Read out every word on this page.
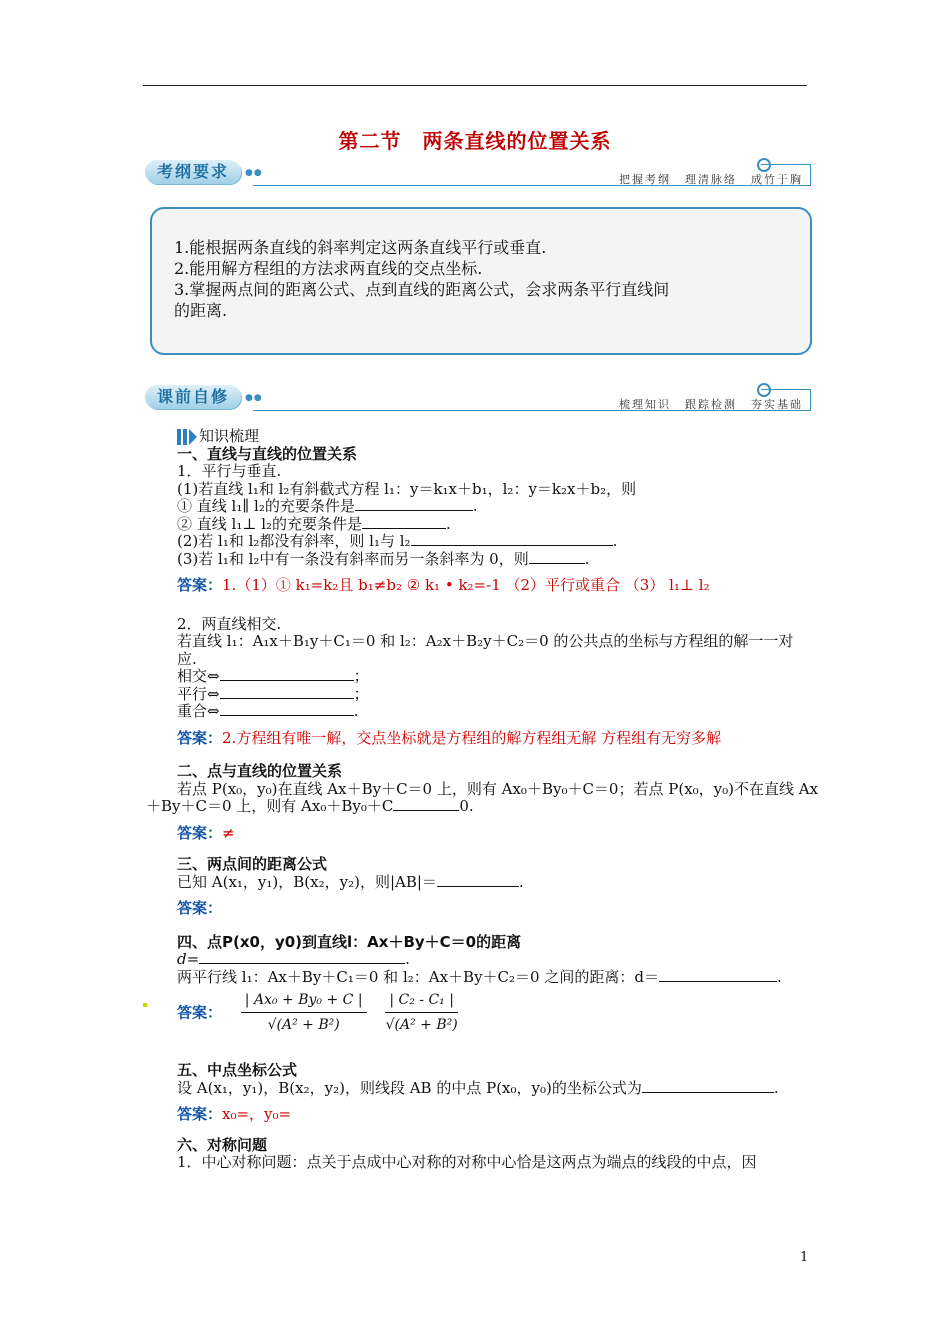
第二节　两条直线的位置关系
考纲要求	●●	把握考纲 理清脉络 成竹于胸
1.能根据两条直线的斜率判定这两条直线平行或垂直.
2.能用解方程组的方法求两直线的交点坐标.
3.掌握两点间的距离公式、点到直线的距离公式，会求两条平行直线间
的距离.
课前自修	●●	梳理知识 跟踪检测 夯实基础
知识梳理
一、直线与直线的位置关系
1．平行与垂直.
(1)若直线 l₁和 l₂有斜截式方程 l₁：y＝k₁x＋b₁，l₂：y＝k₂x＋b₂，则
① 直线 l₁∥ l₂的充要条件是	.
② 直线 l₁⊥ l₂的充要条件是	.
(2)若 l₁和 l₂都没有斜率，则 l₁与 l₂	.
(3)若 l₁和 l₂中有一条没有斜率而另一条斜率为 0，则	.
答案：1.（1）① k₁=k₂且 b₁≠b₂ ② k₁ • k₂=-1 （2）平行或重合 （3） l₁⊥ l₂
2．两直线相交.
若直线 l₁：A₁x＋B₁y＋C₁＝0 和 l₂：A₂x＋B₂y＋C₂＝0 的公共点的坐标与方程组的解一一对
应.
相交⇔	；
平行⇔	；
重合⇔	.
答案：2.方程组有唯一解，交点坐标就是方程组的解方程组无解 方程组有无穷多解
二、点与直线的位置关系
若点 P(x₀，y₀)在直线 Ax＋By＋C＝0 上，则有 Ax₀＋By₀＋C＝0；若点 P(x₀，y₀)不在直线 Ax
＋By＋C＝0 上，则有 Ax₀＋By₀＋C	0.
答案：≠
三、两点间的距离公式
已知 A(x₁，y₁)，B(x₂，y₂)，则|AB|＝	.
答案：
四、点P(x0，y0)到直线l：Ax＋By＋C＝0的距离
d=	.
两平行线 l₁：Ax＋By＋C₁＝0 和 l₂：Ax＋By＋C₂＝0 之间的距离：d＝	.
答案： $\frac{\text{| Ax₀ + By₀ + C |}}{\text{√(A² + B²)}}$
$\frac{\text{| C₂ - C₁ |}}{\text{√(A² + B²)}}$
五、中点坐标公式
设 A(x₁，y₁)，B(x₂，y₂)，则线段 AB 的中点 P(x₀，y₀)的坐标公式为	.
答案：x₀=，y₀=
六、对称问题
1．中心对称问题：点关于点成中心对称的对称中心恰是这两点为端点的线段的中点，因
1
